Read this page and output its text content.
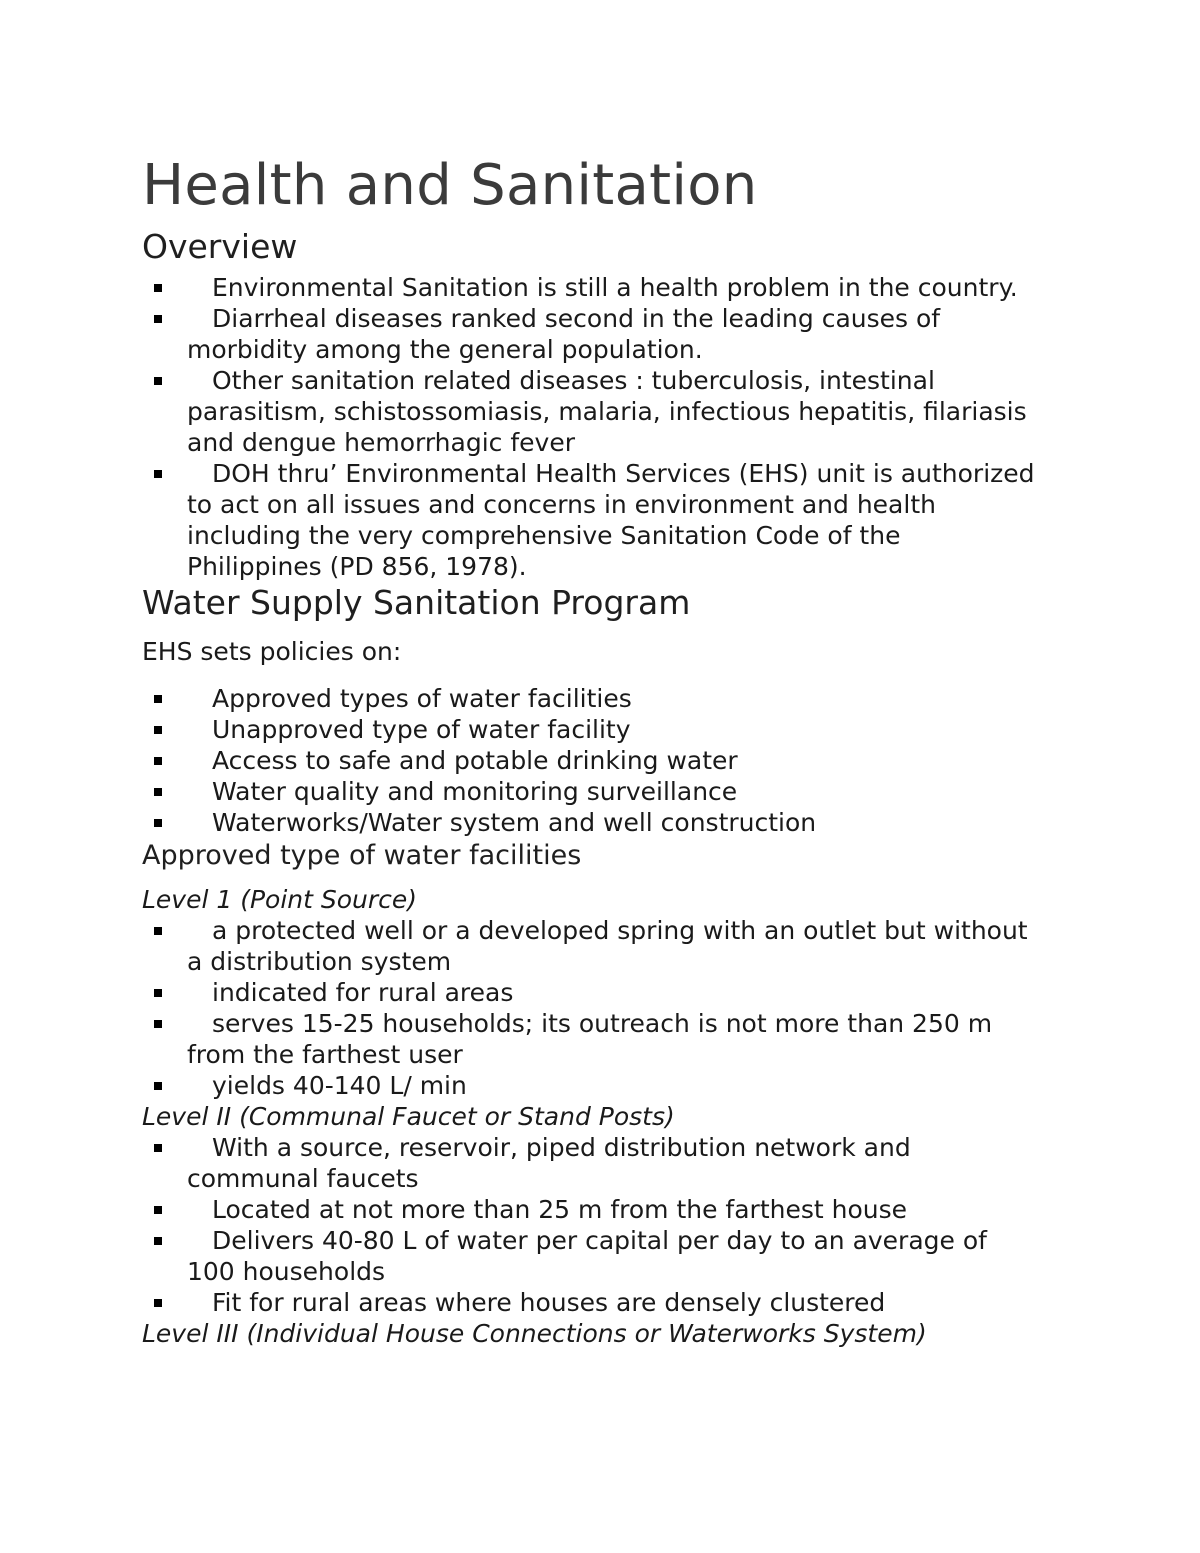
Health and Sanitation
Overview
Environmental Sanitation is still a health problem in the country.
Diarrheal diseases ranked second in the leading causes of morbidity among the general population.
Other sanitation related diseases : tuberculosis, intestinal parasitism, schistossomiasis, malaria, infectious hepatitis, filariasis and dengue hemorrhagic fever
DOH thru’ Environmental Health Services (EHS) unit is authorized to act on all issues and concerns in environment and health including the very comprehensive Sanitation Code of the Philippines (PD 856, 1978).
Water Supply Sanitation Program

EHS sets policies on:

Approved types of water facilities
Unapproved type of water facility
Access to safe and potable drinking water
Water quality and monitoring surveillance
Waterworks/Water system and well construction
Approved type of water facilities

Level 1 (Point Source)

a protected well or a developed spring with an outlet but without a distribution system
indicated for rural areas
serves 15-25 households; its outreach is not more than 250 m from the farthest user
yields 40-140 L/ min

Level II (Communal Faucet or Stand Posts)

With a source, reservoir, piped distribution network and communal faucets
Located at not more than 25 m from the farthest house
Delivers 40-80 L of water per capital per day to an average of 100 households
Fit for rural areas where houses are densely clustered

Level III (Individual House Connections or Waterworks System)
